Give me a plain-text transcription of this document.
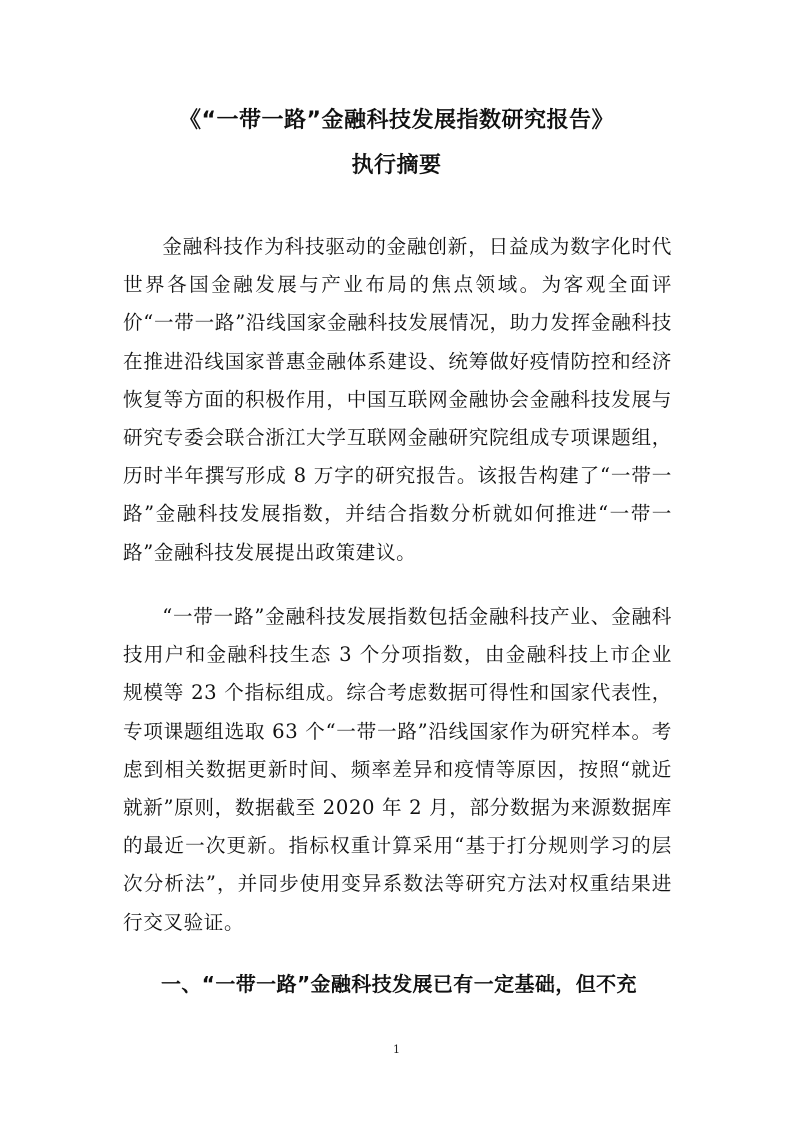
《“一带一路”金融科技发展指数研究报告》
执行摘要

金融科技作为科技驱动的金融创新，日益成为数字化时代世界各国金融发展与产业布局的焦点领域。为客观全面评价“一带一路”沿线国家金融科技发展情况，助力发挥金融科技在推进沿线国家普惠金融体系建设、统筹做好疫情防控和经济恢复等方面的积极作用，中国互联网金融协会金融科技发展与研究专委会联合浙江大学互联网金融研究院组成专项课题组，历时半年撰写形成 8 万字的研究报告。该报告构建了“一带一路”金融科技发展指数，并结合指数分析就如何推进“一带一路”金融科技发展提出政策建议。

“一带一路”金融科技发展指数包括金融科技产业、金融科技用户和金融科技生态 3 个分项指数，由金融科技上市企业规模等 23 个指标组成。综合考虑数据可得性和国家代表性，专项课题组选取 63 个“一带一路”沿线国家作为研究样本。考虑到相关数据更新时间、频率差异和疫情等原因，按照“就近就新”原则，数据截至 2020 年 2 月，部分数据为来源数据库的最近一次更新。指标权重计算采用“基于打分规则学习的层次分析法”，并同步使用变异系数法等研究方法对权重结果进行交叉验证。

一、“一带一路”金融科技发展已有一定基础，但不充
1
